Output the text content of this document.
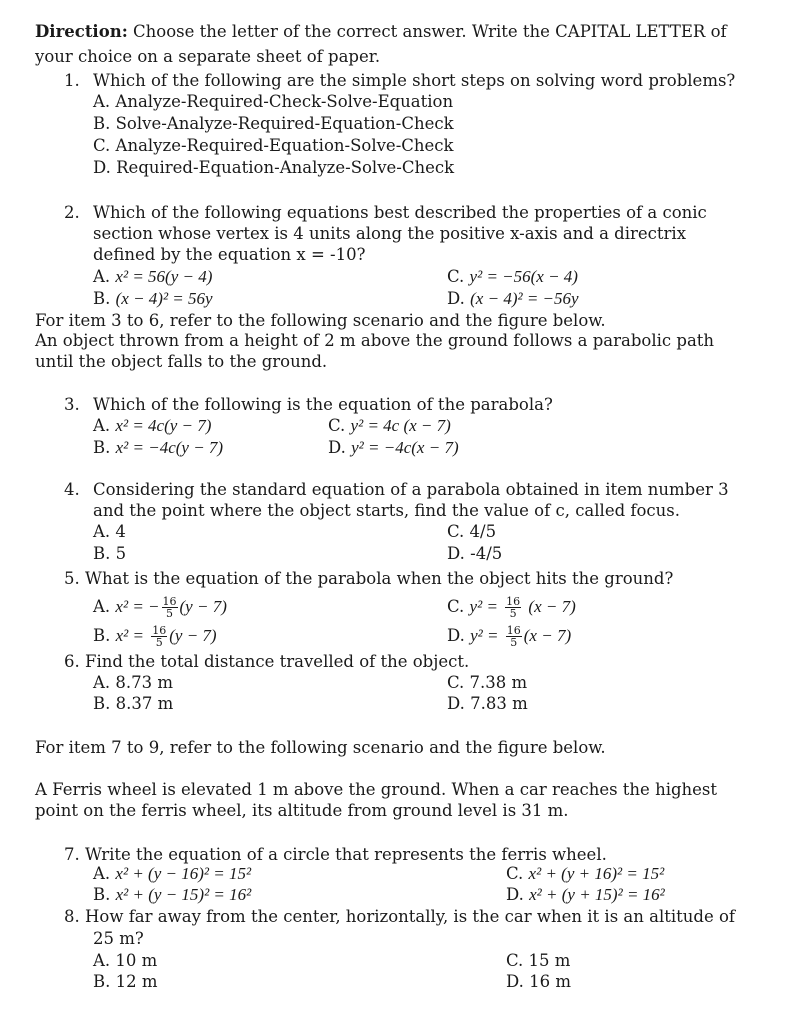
Direction: Choose the letter of the correct answer. Write the CAPITAL LETTER of
your choice on a separate sheet of paper.
1. Which of the following are the simple short steps on solving word problems?
A. Analyze-Required-Check-Solve-Equation
B. Solve-Analyze-Required-Equation-Check
C. Analyze-Required-Equation-Solve-Check
D. Required-Equation-Analyze-Solve-Check
2. Which of the following equations best described the properties of a conic
section whose vertex is 4 units along the positive x-axis and a directrix
defined by the equation x = -10?
A. x² = 56(y − 4)
B. (x − 4)² = 56y
C. y² = −56(x − 4)
D. (x − 4)² = −56y
For item 3 to 6, refer to the following scenario and the figure below.
An object thrown from a height of 2 m above the ground follows a parabolic path
until the object falls to the ground.
3. Which of the following is the equation of the parabola?
A. x² = 4c(y − 7)
B. x² = −4c(y − 7)
C. y² = 4c (x − 7)
D. y² = −4c(x − 7)
4. Considering the standard equation of a parabola obtained in item number 3
and the point where the object starts, find the value of c, called focus.
A. 4
B. 5
C. 4/5
D. -4/5
5. What is the equation of the parabola when the object hits the ground?
A. x² = − $\frac{16}{5} (y - 7)$
B. $x^2 = \frac{16}{5} (y - 7)$
C. $y^2 = \frac{16}{5} (x - 7)$
D. $y^2 = \frac{16}{5} (x - 7)$
6. Find the total distance travelled of the object.
A. 8.73 m
B. 8.37 m
C. 7.38 m
D. 7.83 m
For item 7 to 9, refer to the following scenario and the figure below.
A Ferris wheel is elevated 1 m above the ground. When a car reaches the highest
point on the ferris wheel, its altitude from ground level is 31 m.
7. Write the equation of a circle that represents the ferris wheel.
A. x² + (y − 16)² = 15²
B. x² + (y − 15)² = 16²
C. x² + (y + 16)² = 15²
D. x² + (y + 15)² = 16²
8. How far away from the center, horizontally, is the car when it is an altitude of
25 m?
A. 10 m
B. 12 m
C. 15 m
D. 16 m
